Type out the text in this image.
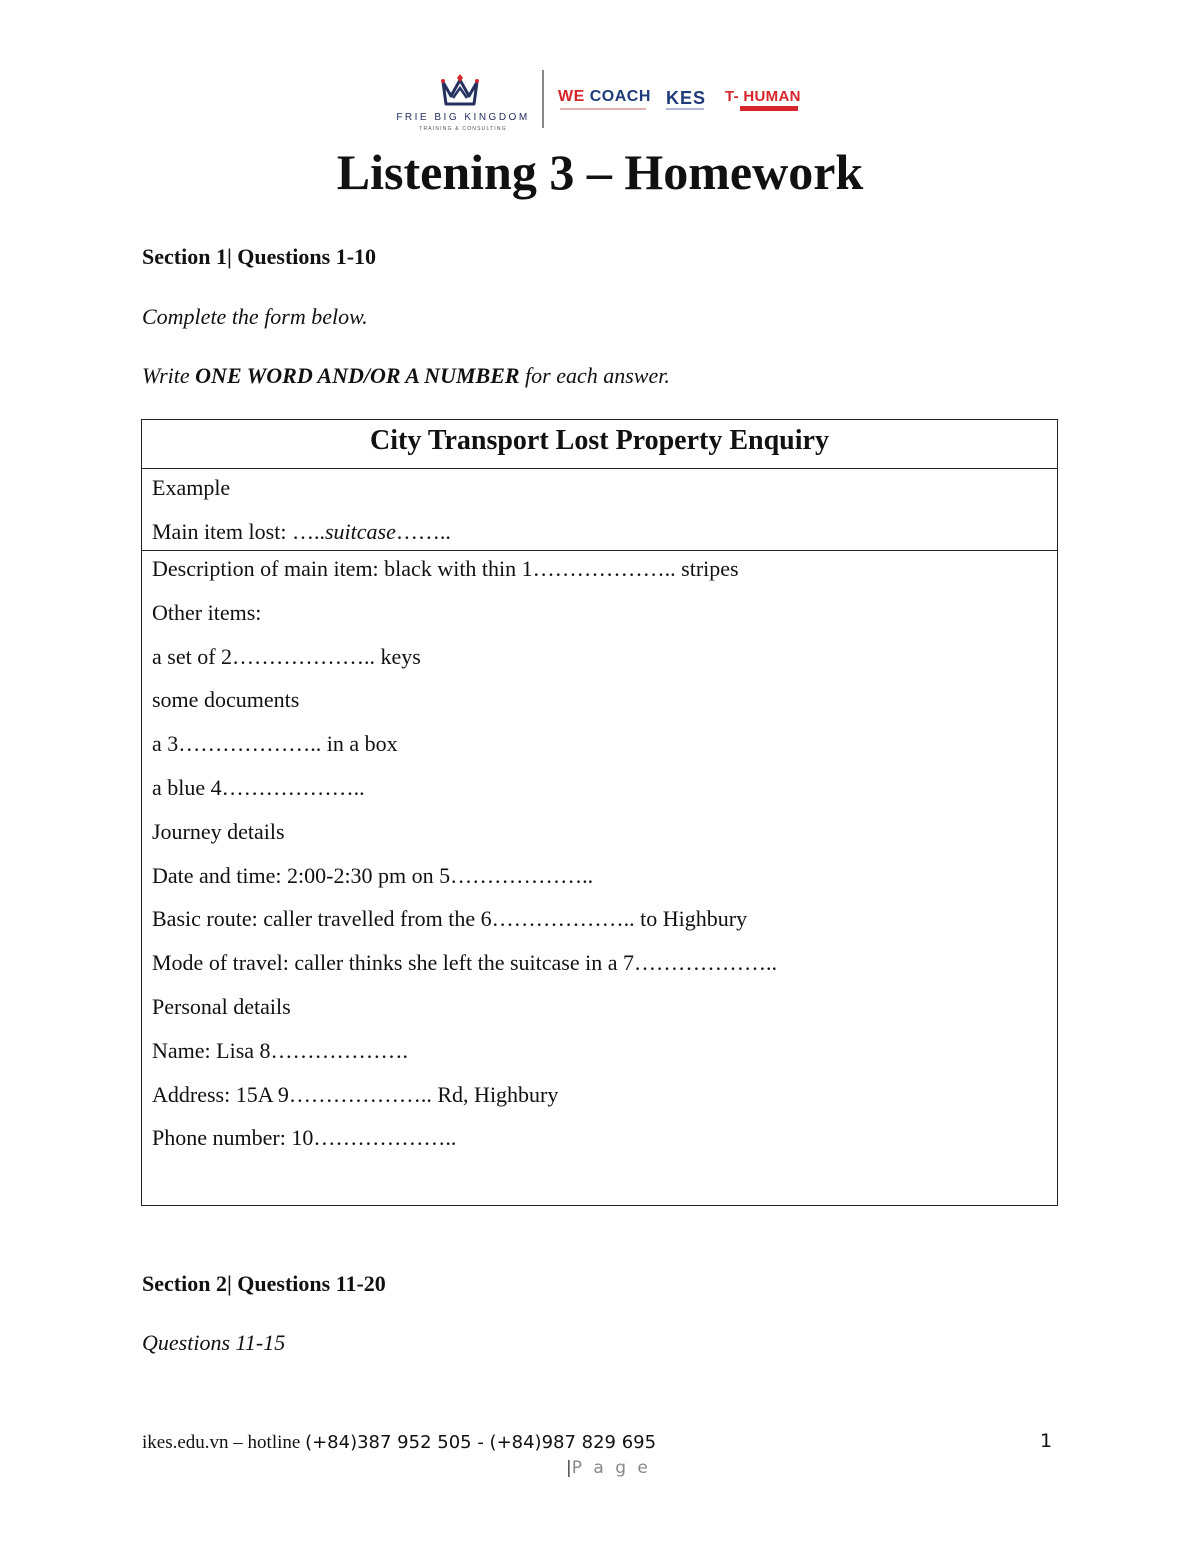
FRIE BIG KINGDOM
TRAINING & CONSULTING
WE COACH KES T- HUMAN
Listening 3 – Homework

Section 1| Questions 1-10

Complete the form below.

Write ONE WORD AND/OR A NUMBER for each answer.

City Transport Lost Property Enquiry
Example
Main item lost: …..suitcase……..
Description of main item: black with thin 1……………….. stripes
Other items:
a set of 2……………….. keys
some documents
a 3……………….. in a box
a blue 4………………..
Journey details
Date and time: 2:00-2:30 pm on 5………………..
Basic route: caller travelled from the 6……………….. to Highbury
Mode of travel: caller thinks she left the suitcase in a 7………………..
Personal details
Name: Lisa 8……………….
Address: 15A 9……………….. Rd, Highbury
Phone number: 10………………..

Section 2| Questions 11-20

Questions 11-15

ikes.edu.vn – hotline (+84)387 952 505 - (+84)987 829 695	1
|P a g e
